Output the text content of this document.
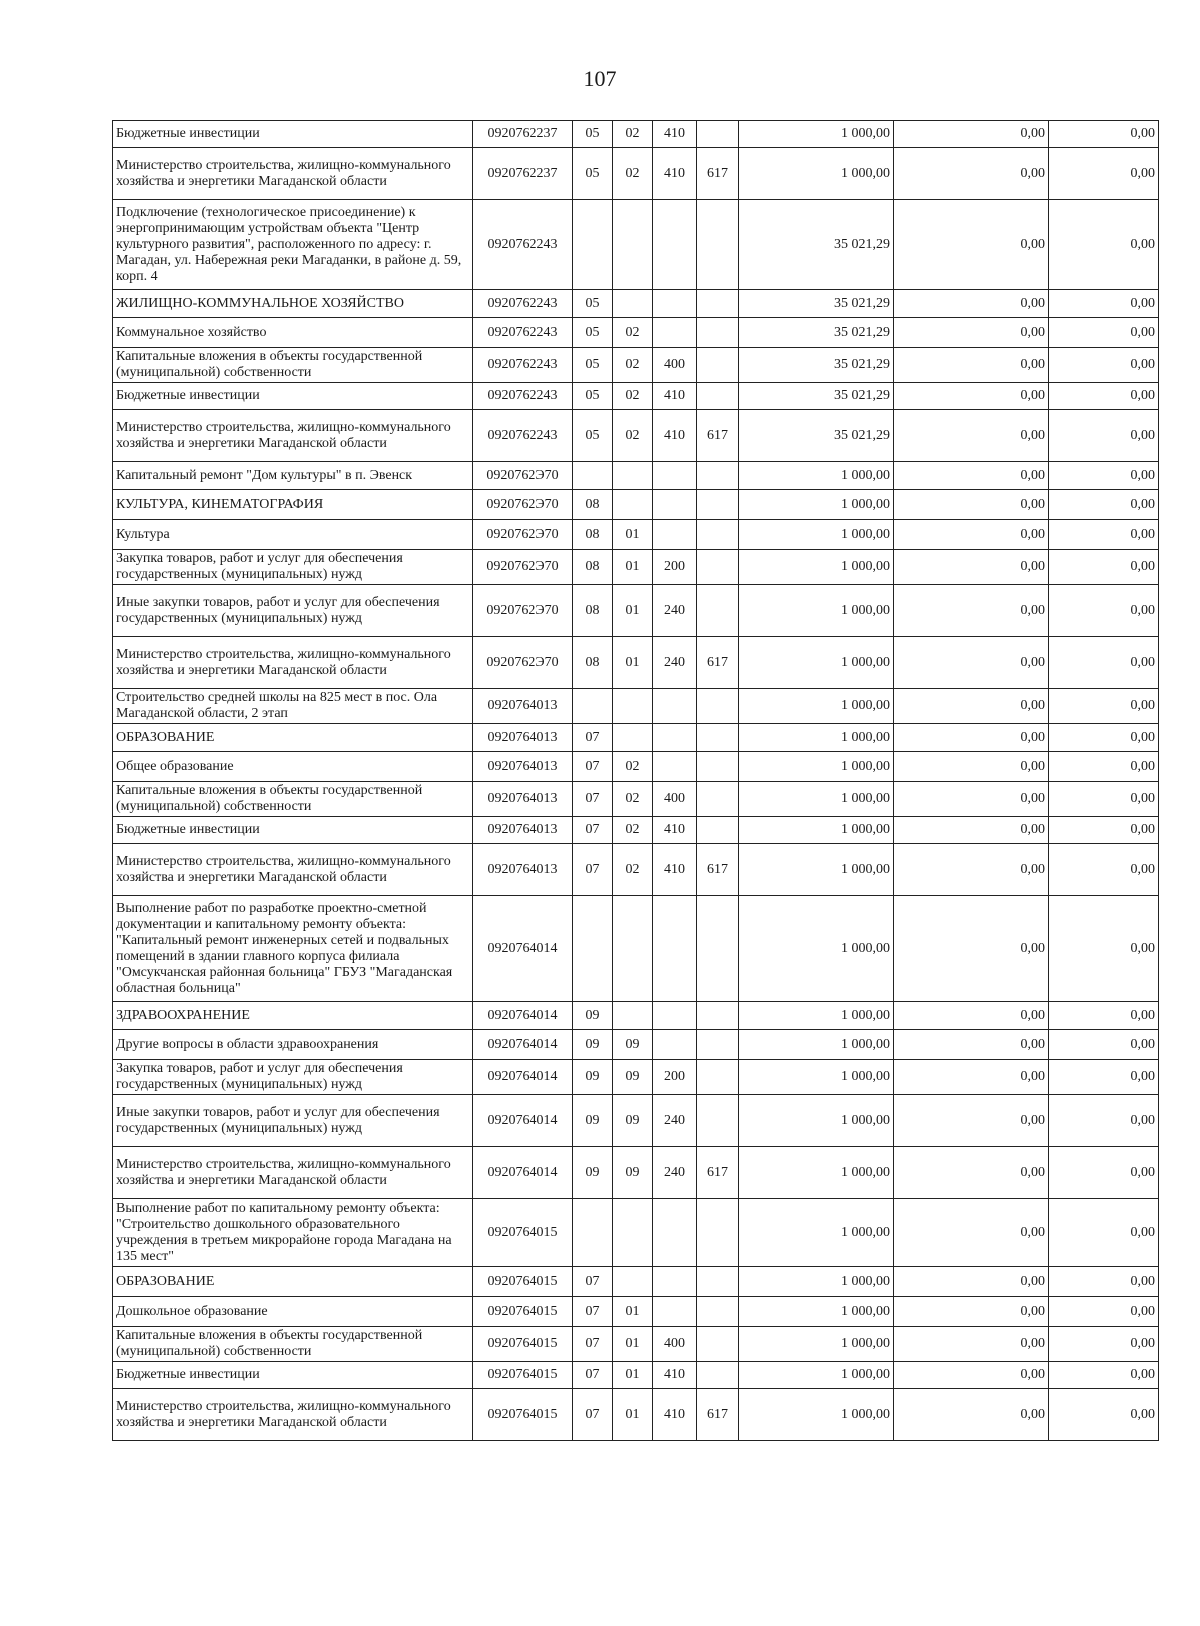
107
Бюджетные инвестиции	0920762237	05	02	410		1 000,00	0,00	0,00
Министерство строительства, жилищно-коммунального хозяйства и энергетики Магаданской области	0920762237	05	02	410	617	1 000,00	0,00	0,00
Подключение (технологическое присоединение) к энергопринимающим устройствам объекта "Центр культурного развития", расположенного по адресу: г. Магадан, ул. Набережная реки Магаданки, в районе д. 59, корп. 4	0920762243					35 021,29	0,00	0,00
ЖИЛИЩНО-КОММУНАЛЬНОЕ ХОЗЯЙСТВО	0920762243	05				35 021,29	0,00	0,00
Коммунальное хозяйство	0920762243	05	02			35 021,29	0,00	0,00
Капитальные вложения в объекты государственной (муниципальной) собственности	0920762243	05	02	400		35 021,29	0,00	0,00
Бюджетные инвестиции	0920762243	05	02	410		35 021,29	0,00	0,00
Министерство строительства, жилищно-коммунального хозяйства и энергетики Магаданской области	0920762243	05	02	410	617	35 021,29	0,00	0,00
Капитальный ремонт "Дом культуры" в п. Эвенск	0920762Э70					1 000,00	0,00	0,00
КУЛЬТУРА, КИНЕМАТОГРАФИЯ	0920762Э70	08				1 000,00	0,00	0,00
Культура	0920762Э70	08	01			1 000,00	0,00	0,00
Закупка товаров, работ и услуг для обеспечения государственных (муниципальных) нужд	0920762Э70	08	01	200		1 000,00	0,00	0,00
Иные закупки товаров, работ и услуг для обеспечения государственных (муниципальных) нужд	0920762Э70	08	01	240		1 000,00	0,00	0,00
Министерство строительства, жилищно-коммунального хозяйства и энергетики Магаданской области	0920762Э70	08	01	240	617	1 000,00	0,00	0,00
Строительство средней школы на 825 мест в пос. Ола Магаданской области, 2 этап	0920764013					1 000,00	0,00	0,00
ОБРАЗОВАНИЕ	0920764013	07				1 000,00	0,00	0,00
Общее образование	0920764013	07	02			1 000,00	0,00	0,00
Капитальные вложения в объекты государственной (муниципальной) собственности	0920764013	07	02	400		1 000,00	0,00	0,00
Бюджетные инвестиции	0920764013	07	02	410		1 000,00	0,00	0,00
Министерство строительства, жилищно-коммунального хозяйства и энергетики Магаданской области	0920764013	07	02	410	617	1 000,00	0,00	0,00
Выполнение работ по разработке проектно-сметной документации и капитальному ремонту объекта: "Капитальный ремонт инженерных сетей и подвальных помещений в здании главного корпуса филиала "Омсукчанская районная больница" ГБУЗ "Магаданская областная больница"	0920764014					1 000,00	0,00	0,00
ЗДРАВООХРАНЕНИЕ	0920764014	09				1 000,00	0,00	0,00
Другие вопросы в области здравоохранения	0920764014	09	09			1 000,00	0,00	0,00
Закупка товаров, работ и услуг для обеспечения государственных (муниципальных) нужд	0920764014	09	09	200		1 000,00	0,00	0,00
Иные закупки товаров, работ и услуг для обеспечения государственных (муниципальных) нужд	0920764014	09	09	240		1 000,00	0,00	0,00
Министерство строительства, жилищно-коммунального хозяйства и энергетики Магаданской области	0920764014	09	09	240	617	1 000,00	0,00	0,00
Выполнение работ по капитальному ремонту объекта: "Строительство дошкольного образовательного учреждения в третьем микрорайоне города Магадана на 135 мест"	0920764015					1 000,00	0,00	0,00
ОБРАЗОВАНИЕ	0920764015	07				1 000,00	0,00	0,00
Дошкольное образование	0920764015	07	01			1 000,00	0,00	0,00
Капитальные вложения в объекты государственной (муниципальной) собственности	0920764015	07	01	400		1 000,00	0,00	0,00
Бюджетные инвестиции	0920764015	07	01	410		1 000,00	0,00	0,00
Министерство строительства, жилищно-коммунального хозяйства и энергетики Магаданской области	0920764015	07	01	410	617	1 000,00	0,00	0,00
